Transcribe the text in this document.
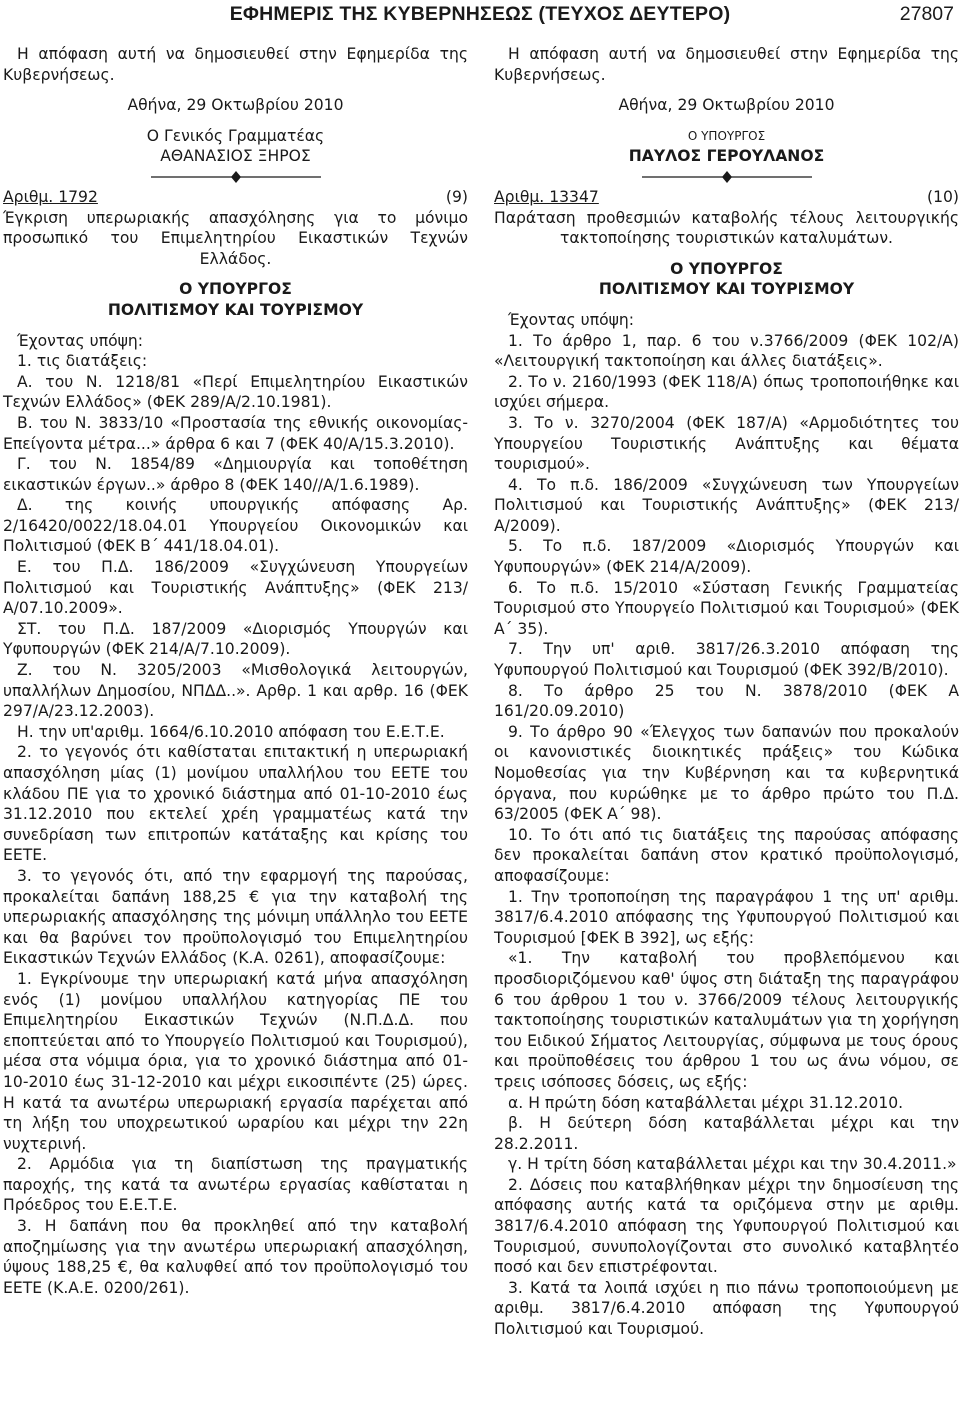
ΕΦΗΜΕΡΙΣ ΤΗΣ ΚΥΒΕΡΝΗΣΕΩΣ (ΤΕΥΧΟΣ ΔΕΥΤΕΡΟ)	27807

Η απόφαση αυτή να δημοσιευθεί στην Εφημερίδα της Κυβερνήσεως.

Αθήνα, 29 Οκτωβρίου 2010

Ο Γενικός Γραμματέας

ΑΘΑΝΑΣΙΟΣ ΞΗΡΟΣ

Αριθμ. 1792	(9)

Έγκριση υπερωριακής απασχόλησης για το μόνιμο προσωπικό του Επιμελητηρίου Εικαστικών Τεχνών Ελλάδος.

Ο ΥΠΟΥΡΓΟΣ

ΠΟΛΙΤΙΣΜΟΥ ΚΑΙ ΤΟΥΡΙΣΜΟΥ

Έχοντας υπόψη:

1. τις διατάξεις:

Α. του Ν. 1218/81 «Περί Επιμελητηρίου Εικαστικών Τεχνών Ελλάδος» (ΦΕΚ 289/Α/2.10.1981).

Β. του Ν. 3833/10 «Προστασία της εθνικής οικονομίας-Επείγοντα μέτρα...» άρθρα 6 και 7 (ΦΕΚ 40/Α/15.3.2010).

Γ. του Ν. 1854/89 «Δημιουργία και τοποθέτηση εικαστικών έργων..» άρθρο 8 (ΦΕΚ 140//Α/1.6.1989).

Δ. της κοινής υπουργικής απόφασης Αρ. 2/16420/0022/18.04.01 Υπουργείου Οικονομικών και Πολιτισμού (ΦΕΚ Β΄ 441/18.04.01).

Ε. του Π.Δ. 186/2009 «Συγχώνευση Υπουργείων Πολιτισμού και Τουριστικής Ανάπτυξης» (ΦΕΚ 213/Α/07.10.2009».

ΣΤ. του Π.Δ. 187/2009 «Διορισμός Υπουργών και Υφυπουργών (ΦΕΚ 214/Α/7.10.2009).

Ζ. του Ν. 3205/2003 «Μισθολογικά λειτουργών, υπαλλήλων Δημοσίου, ΝΠΔΔ..». Αρθρ. 1 και αρθρ. 16 (ΦΕΚ 297/Α/23.12.2003).

Η. την υπ'αριθμ. 1664/6.10.2010 απόφαση του Ε.Ε.Τ.Ε.

2. το γεγονός ότι καθίσταται επιτακτική η υπερωριακή απασχόληση μίας (1) μονίμου υπαλλήλου του ΕΕΤΕ του κλάδου ΠΕ για το χρονικό διάστημα από 01-10-2010 έως 31.12.2010 που εκτελεί χρέη γραμματέως κατά την συνεδρίαση των επιτροπών κατάταξης και κρίσης του ΕΕΤΕ.

3. το γεγονός ότι, από την εφαρμογή της παρούσας, προκαλείται δαπάνη 188,25 € για την καταβολή της υπερωριακής απασχόλησης της μόνιμη υπάλληλο του ΕΕΤΕ και θα βαρύνει τον προϋπολογισμό του Επιμελητηρίου Εικαστικών Τεχνών Ελλάδος (Κ.Α. 0261), αποφασίζουμε:

1. Εγκρίνουμε την υπερωριακή κατά μήνα απασχόληση ενός (1) μονίμου υπαλλήλου κατηγορίας ΠΕ του Επιμελητηρίου Εικαστικών Τεχνών (Ν.Π.Δ.Δ. που εποπτεύεται από το Υπουργείο Πολιτισμού και Τουρισμού), μέσα στα νόμιμα όρια, για το χρονικό διάστημα από 01-10-2010 έως 31-12-2010 και μέχρι εικοσιπέντε (25) ώρες. Η κατά τα ανωτέρω υπερωριακή εργασία παρέχεται από τη λήξη του υποχρεωτικού ωραρίου και μέχρι την 22η νυχτερινή.

2. Αρμόδια για τη διαπίστωση της πραγματικής παροχής, της κατά τα ανωτέρω εργασίας καθίσταται η Πρόεδρος του Ε.Ε.Τ.Ε.

3. Η δαπάνη που θα προκληθεί από την καταβολή αποζημίωσης για την ανωτέρω υπερωριακή απασχόληση, ύψους 188,25 €, θα καλυφθεί από τον προϋπολογισμό του ΕΕΤΕ (Κ.Α.Ε. 0200/261).

Η απόφαση αυτή να δημοσιευθεί στην Εφημερίδα της Κυβερνήσεως.

Αθήνα, 29 Οκτωβρίου 2010

Ο ΥΠΟΥΡΓΟΣ

ΠΑΥΛΟΣ ΓΕΡΟΥΛΑΝΟΣ

Αριθμ. 13347	(10)

Παράταση προθεσμιών καταβολής τέλους λειτουργικής τακτοποίησης τουριστικών καταλυμάτων.

Ο ΥΠΟΥΡΓΟΣ

ΠΟΛΙΤΙΣΜΟΥ ΚΑΙ ΤΟΥΡΙΣΜΟΥ

Έχοντας υπόψη:

1. Το άρθρο 1, παρ. 6 του ν.3766/2009 (ΦΕΚ 102/Α) «Λειτουργική τακτοποίηση και άλλες διατάξεις».

2. Το ν. 2160/1993 (ΦΕΚ 118/Α) όπως τροποποιήθηκε και ισχύει σήμερα.

3. Το ν. 3270/2004 (ΦΕΚ 187/Α) «Αρμοδιότητες του Υπουργείου Τουριστικής Ανάπτυξης και θέματα τουρισμού».

4. Το π.δ. 186/2009 «Συγχώνευση των Υπουργείων Πολιτισμού και Τουριστικής Ανάπτυξης» (ΦΕΚ 213/Α/2009).

5. Το π.δ. 187/2009 «Διορισμός Υπουργών και Υφυπουργών» (ΦΕΚ 214/Α/2009).

6. Το π.δ. 15/2010 «Σύσταση Γενικής Γραμματείας Τουρισμού στο Υπουργείο Πολιτισμού και Τουρισμού» (ΦΕΚ Α΄ 35).

7. Την υπ' αριθ. 3817/26.3.2010 απόφαση της Υφυπουργού Πολιτισμού και Τουρισμού (ΦΕΚ 392/Β/2010).

8. Το άρθρο 25 του Ν. 3878/2010 (ΦΕΚ Α 161/20.09.2010)

9. Το άρθρο 90 «Έλεγχος των δαπανών που προκαλούν οι κανονιστικές διοικητικές πράξεις» του Κώδικα Νομοθεσίας για την Κυβέρνηση και τα κυβερνητικά όργανα, που κυρώθηκε με το άρθρο πρώτο του Π.Δ. 63/2005 (ΦΕΚ Α΄ 98).

10. Το ότι από τις διατάξεις της παρούσας απόφασης δεν προκαλείται δαπάνη στον κρατικό προϋπολογισμό, αποφασίζουμε:

1. Την τροποποίηση της παραγράφου 1 της υπ' αριθμ. 3817/6.4.2010 απόφασης της Υφυπουργού Πολιτισμού και Τουρισμού [ΦΕΚ Β 392], ως εξής:

«1. Την καταβολή του προβλεπόμενου και προσδιοριζόμενου καθ' ύψος στη διάταξη της παραγράφου 6 του άρθρου 1 του ν. 3766/2009 τέλους λειτουργικής τακτοποίησης τουριστικών καταλυμάτων για τη χορήγηση του Ειδικού Σήματος Λειτουργίας, σύμφωνα με τους όρους και προϋποθέσεις του άρθρου 1 του ως άνω νόμου, σε τρεις ισόποσες δόσεις, ως εξής:

α. Η πρώτη δόση καταβάλλεται μέχρι 31.12.2010.

β. Η δεύτερη δόση καταβάλλεται μέχρι και την 28.2.2011.

γ. Η τρίτη δόση καταβάλλεται μέχρι και την 30.4.2011.»

2. Δόσεις που καταβλήθηκαν μέχρι την δημοσίευση της απόφασης αυτής κατά τα οριζόμενα στην με αριθμ. 3817/6.4.2010 απόφαση της Υφυπουργού Πολιτισμού και Τουρισμού, συνυπολογίζονται στο συνολικό καταβλητέο ποσό και δεν επιστρέφονται.

3. Κατά τα λοιπά ισχύει η πιο πάνω τροποποιούμενη με αριθμ. 3817/6.4.2010 απόφαση της Υφυπουργού Πολιτισμού και Τουρισμού.
